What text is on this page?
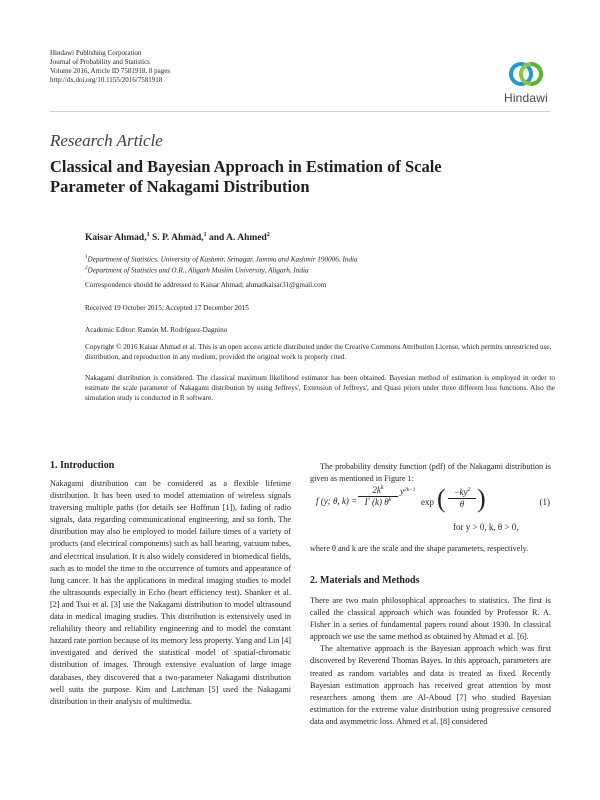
Hindawi Publishing Corporation
Journal of Probability and Statistics
Volume 2016, Article ID 7581918, 8 pages
http://dx.doi.org/10.1155/2016/7581918
Hindawi
Research Article
Classical and Bayesian Approach in Estimation of Scale Parameter of Nakagami Distribution
Kaisar Ahmad,$^1$ S. P. Ahmad,$^1$ and A. Ahmed$^2$
$^1$Department of Statistics, University of Kashmir, Srinagar, Jammu and Kashmir 190006, India
$^2$Department of Statistics and O.R., Aligarh Muslim University, Aligarh, India
Correspondence should be addressed to Kaisar Ahmad; ahmadkaisar31@gmail.com
Received 19 October 2015; Accepted 17 December 2015
Academic Editor: Ramón M. Rodríguez-Dagnino
Copyright © 2016 Kaisar Ahmad et al. This is an open access article distributed under the Creative Commons Attribution License, which permits unrestricted use, distribution, and reproduction in any medium, provided the original work is properly cited.
Nakagami distribution is considered. The classical maximum likelihood estimator has been obtained. Bayesian method of estimation is employed in order to estimate the scale parameter of Nakagami distribution by using Jeffreys', Extension of Jeffreys', and Quasi priors under three different loss functions. Also the simulation study is conducted in R software.
1. Introduction
Nakagami distribution can be considered as a flexible lifetime distribution. It has been used to model attenuation of wireless signals traversing multiple paths (for details see Hoffman [1]), fading of radio signals, data regarding communicational engineering, and so forth. The distribution may also be employed to model failure times of a variety of products (and electrical components) such as ball bearing, vacuum tubes, and electrical insulation. It is also widely considered in biomedical fields, such as to model the time to the occurrence of tumors and appearance of lung cancer. It has the applications in medical imaging studies to model the ultrasounds especially in Echo (heart efficiency test). Shanker et al. [2] and Tsui et al. [3] use the Nakagami distribution to model ultrasound data in medical imaging studies. This distribution is extensively used in reliability theory and reliability engineering and to model the constant hazard rate portion because of its memory less property. Yang and Lin [4] investigated and derived the statistical model of spatial-chromatic distribution of images. Through extensive evaluation of large image databases, they discovered that a two-parameter Nakagami distribution well suits the purpose. Kim and Latchman [5] used the Nakagami distribution in their analysis of multimedia.
The probability density function (pdf) of the Nakagami distribution is given as mentioned in Figure 1:
f (y; θ, k) =
$2k^k$
Γ (k) $\theta^k$
$y^{2k-1}$
exp ( $-ky^2$
θ )	(1)
for y > 0, k, θ > 0,
where θ and k are the scale and the shape parameters, respectively.
2. Materials and Methods

There are two main philosophical approaches to statistics. The first is called the classical approach which was founded by Professor R. A. Fisher in a series of fundamental papers round about 1930. In classical approach we use the same method as obtained by Ahmad et al. [6].

The alternative approach is the Bayesian approach which was first discovered by Reverend Thomas Bayes. In this approach, parameters are treated as random variables and data is treated as fixed. Recently Bayesian estimation approach has received great attention by most researchers among them are Al-Aboud [7] who studied Bayesian estimation for the extreme value distribution using progressive censored data and asymmetric loss. Ahmed et al. [8] considered
